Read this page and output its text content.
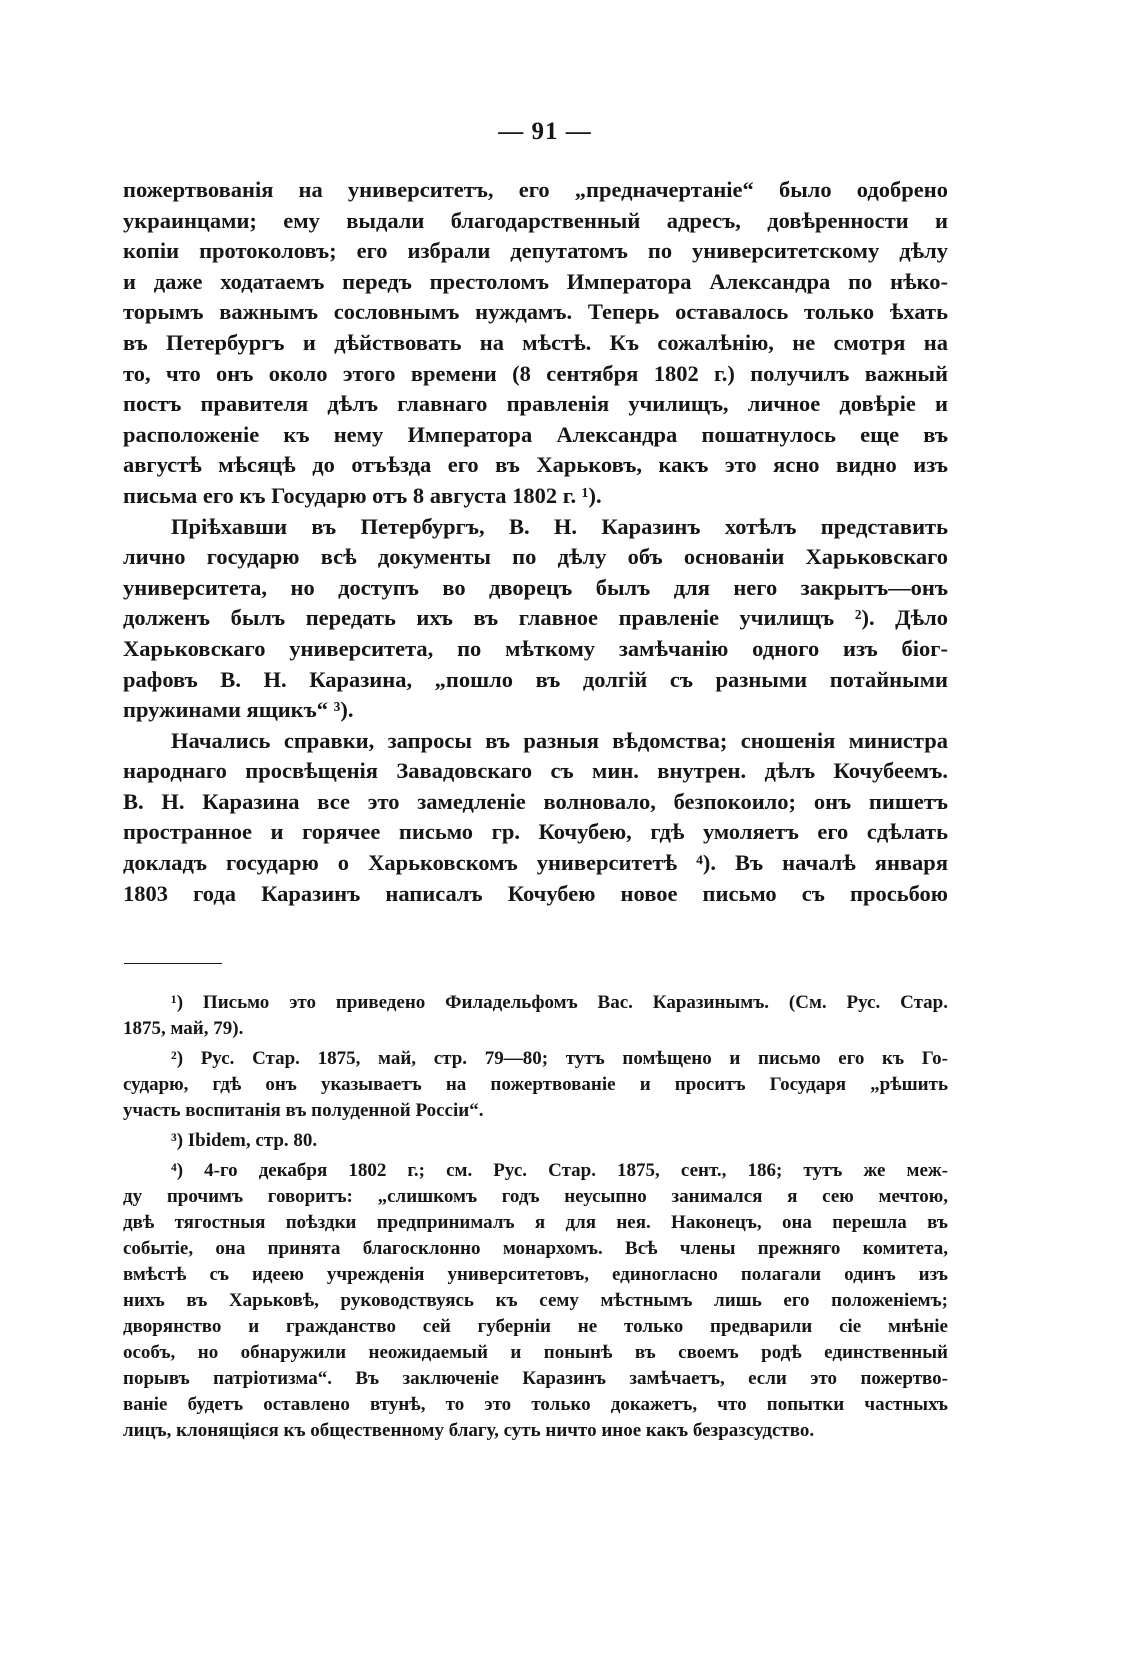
— 91 —

пожертвованія на университетъ, его „предначертаніе“ было одобрено
украинцами; ему выдали благодарственный адресъ, довѣренности и
копіи протоколовъ; его избрали депутатомъ по университетскому дѣлу
и даже ходатаемъ передъ престоломъ Императора Александра по нѣко-
торымъ важнымъ сословнымъ нуждамъ. Теперь оставалось только ѣхать
въ Петербургъ и дѣйствовать на мѣстѣ. Къ сожалѣнію, не смотря на
то, что онъ около этого времени (8 сентября 1802 г.) получилъ важный
постъ правителя дѣлъ главнаго правленія училищъ, личное довѣріе и
расположеніе къ нему Императора Александра пошатнулось еще въ
августѣ мѣсяцѣ до отъѣзда его въ Харьковъ, какъ это ясно видно изъ
письма его къ Государю отъ 8 августа 1802 г. ¹).

Пріѣхавши въ Петербургъ, В. Н. Каразинъ хотѣлъ представить
лично государю всѣ документы по дѣлу объ основаніи Харьковскаго
университета, но доступъ во дворецъ былъ для него закрытъ—онъ
долженъ былъ передать ихъ въ главное правленіе училищъ ²). Дѣло
Харьковскаго университета, по мѣткому замѣчанію одного изъ біог-
рафовъ В. Н. Каразина, „пошло въ долгій съ разными потайными
пружинами ящикъ“ ³).

Начались справки, запросы въ разныя вѣдомства; сношенія министра
народнаго просвѣщенія Завадовскаго съ мин. внутрен. дѣлъ Кочубеемъ.
В. Н. Каразина все это замедленіе волновало, безпокоило; онъ пишетъ
пространное и горячее письмо гр. Кочубею, гдѣ умоляетъ его сдѣлать
докладъ государю о Харьковскомъ университетѣ ⁴). Въ началѣ января
1803 года Каразинъ написалъ Кочубею новое письмо съ просьбою

¹) Письмо это приведено Филадельфомъ Вас. Каразинымъ. (См. Рус. Стар.
1875, май, 79).
²) Рус. Стар. 1875, май, стр. 79—80; тутъ помѣщено и письмо его къ Го-
сударю, гдѣ онъ указываетъ на пожертвованіе и проситъ Государя „рѣшить
участь воспитанія въ полуденной Россіи“.
³) Ibidem, стр. 80.
⁴) 4-го декабря 1802 г.; см. Рус. Стар. 1875, сент., 186; тутъ же меж-
ду прочимъ говоритъ: „слишкомъ годъ неусыпно занимался я сею мечтою,
двѣ тягостныя поѣздки предпринималъ я для нея. Наконецъ, она перешла въ
событіе, она принята благосклонно монархомъ. Всѣ члены прежняго комитета,
вмѣстѣ съ идеею учрежденія университетовъ, единогласно полагали одинъ изъ
нихъ въ Харьковѣ, руководствуясь къ сему мѣстнымъ лишь его положеніемъ;
дворянство и гражданство сей губерніи не только предварили сіе мнѣніе
особъ, но обнаружили неожидаемый и понынѣ въ своемъ родѣ единственный
порывъ патріотизма“. Въ заключеніе Каразинъ замѣчаетъ, если это пожертво-
ваніе будетъ оставлено втунѣ, то это только докажетъ, что попытки частныхъ
лицъ, клонящіяся къ общественному благу, суть ничто иное какъ безразсудство.
